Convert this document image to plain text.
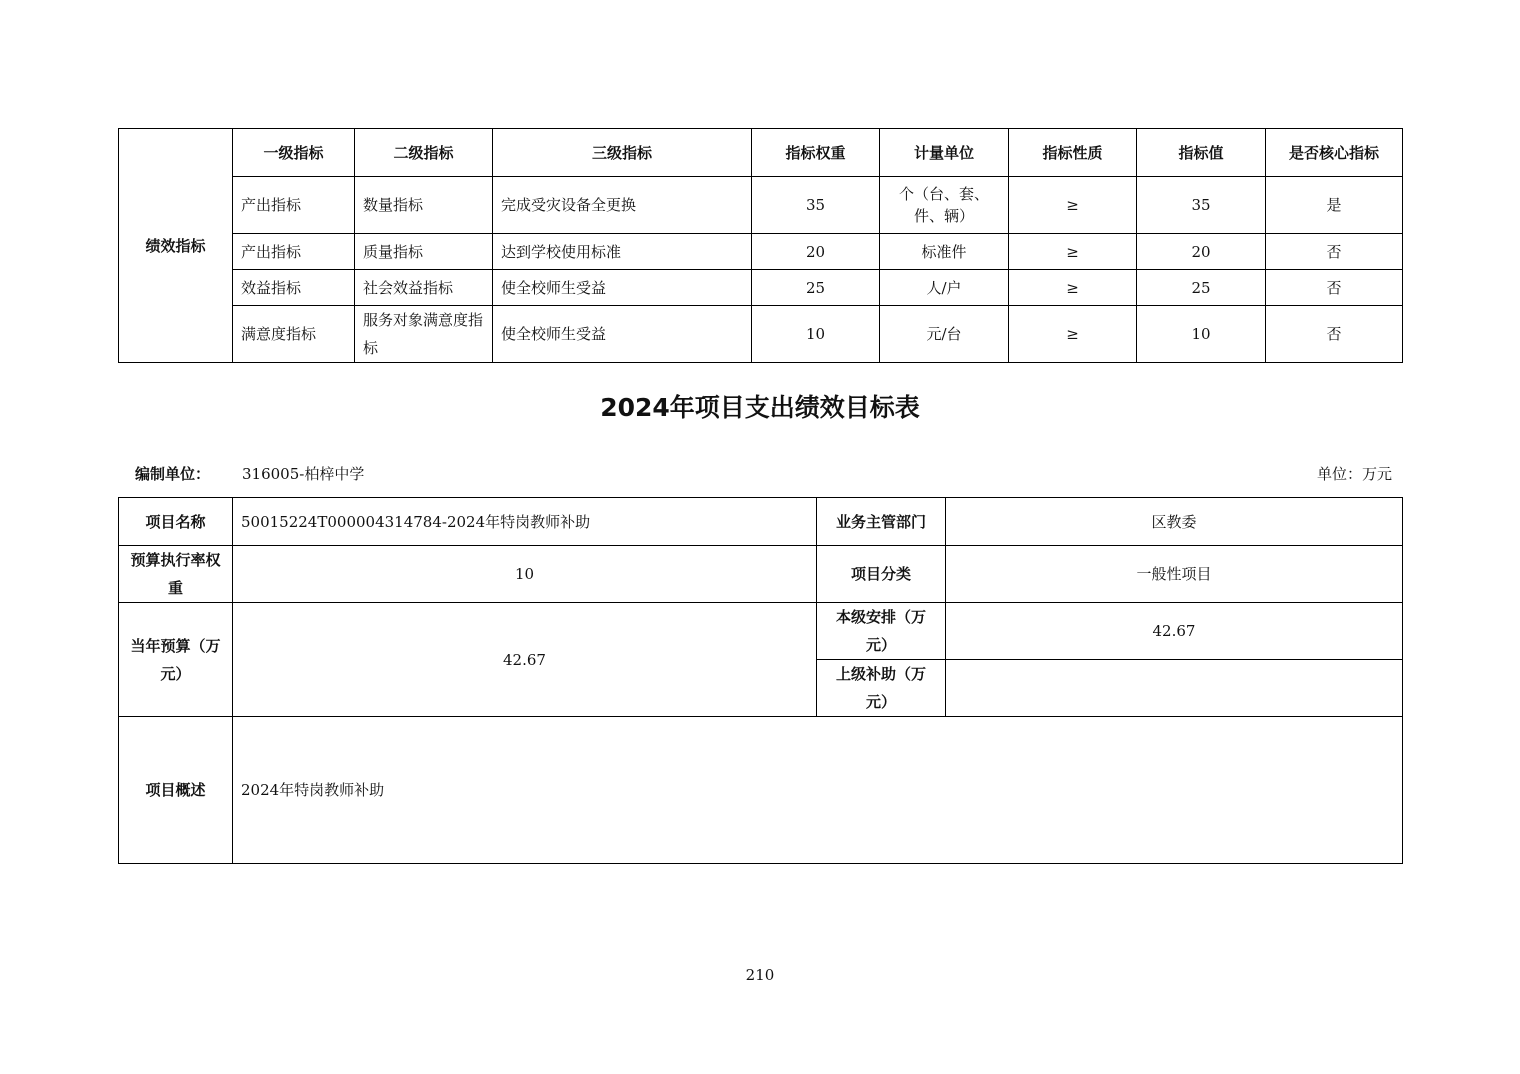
绩效指标	一级指标	二级指标	三级指标	指标权重	计量单位	指标性质	指标值	是否核心指标
	产出指标	数量指标	完成受灾设备全更换	35	个（台、套、件、辆）	≥	35	是
	产出指标	质量指标	达到学校使用标准	20	标准件	≥	20	否
	效益指标	社会效益指标	使全校师生受益	25	人/户	≥	25	否
	满意度指标	服务对象满意度指标	使全校师生受益	10	元/台	≥	10	否
2024年项目支出绩效目标表
编制单位： 316005-柏梓中学	单位：万元
项目名称	50015224T000004314784-2024年特岗教师补助	业务主管部门	区教委
预算执行率权重	10	项目分类	一般性项目
当年预算（万元）	42.67	本级安排（万元）	42.67
		上级补助（万元）	
项目概述	2024年特岗教师补助		
210
